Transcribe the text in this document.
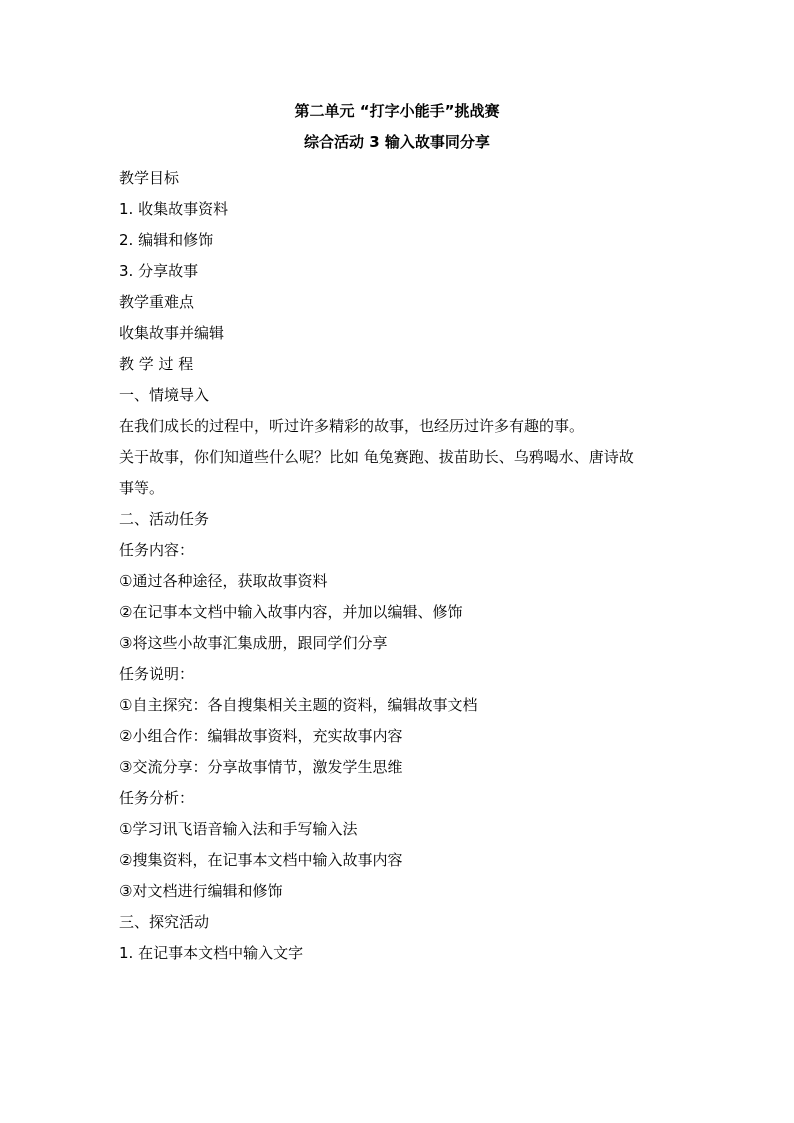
第二单元 “打字小能手”挑战赛
综合活动 3 输入故事同分享
教学目标
1. 收集故事资料
2. 编辑和修饰
3. 分享故事
教学重难点
收集故事并编辑
教 学 过 程
一、情境导入
在我们成长的过程中，听过许多精彩的故事，也经历过许多有趣的事。
关于故事，你们知道些什么呢？比如 龟兔赛跑、拔苗助长、乌鸦喝水、唐诗故
事等。
二、活动任务
任务内容：
①通过各种途径，获取故事资料
②在记事本文档中输入故事内容，并加以编辑、修饰
③将这些小故事汇集成册，跟同学们分享
任务说明：
①自主探究：各自搜集相关主题的资料，编辑故事文档
②小组合作：编辑故事资料，充实故事内容
③交流分享：分享故事情节，激发学生思维
任务分析：
①学习讯飞语音输入法和手写输入法
②搜集资料，在记事本文档中输入故事内容
③对文档进行编辑和修饰
三、探究活动
1. 在记事本文档中输入文字
